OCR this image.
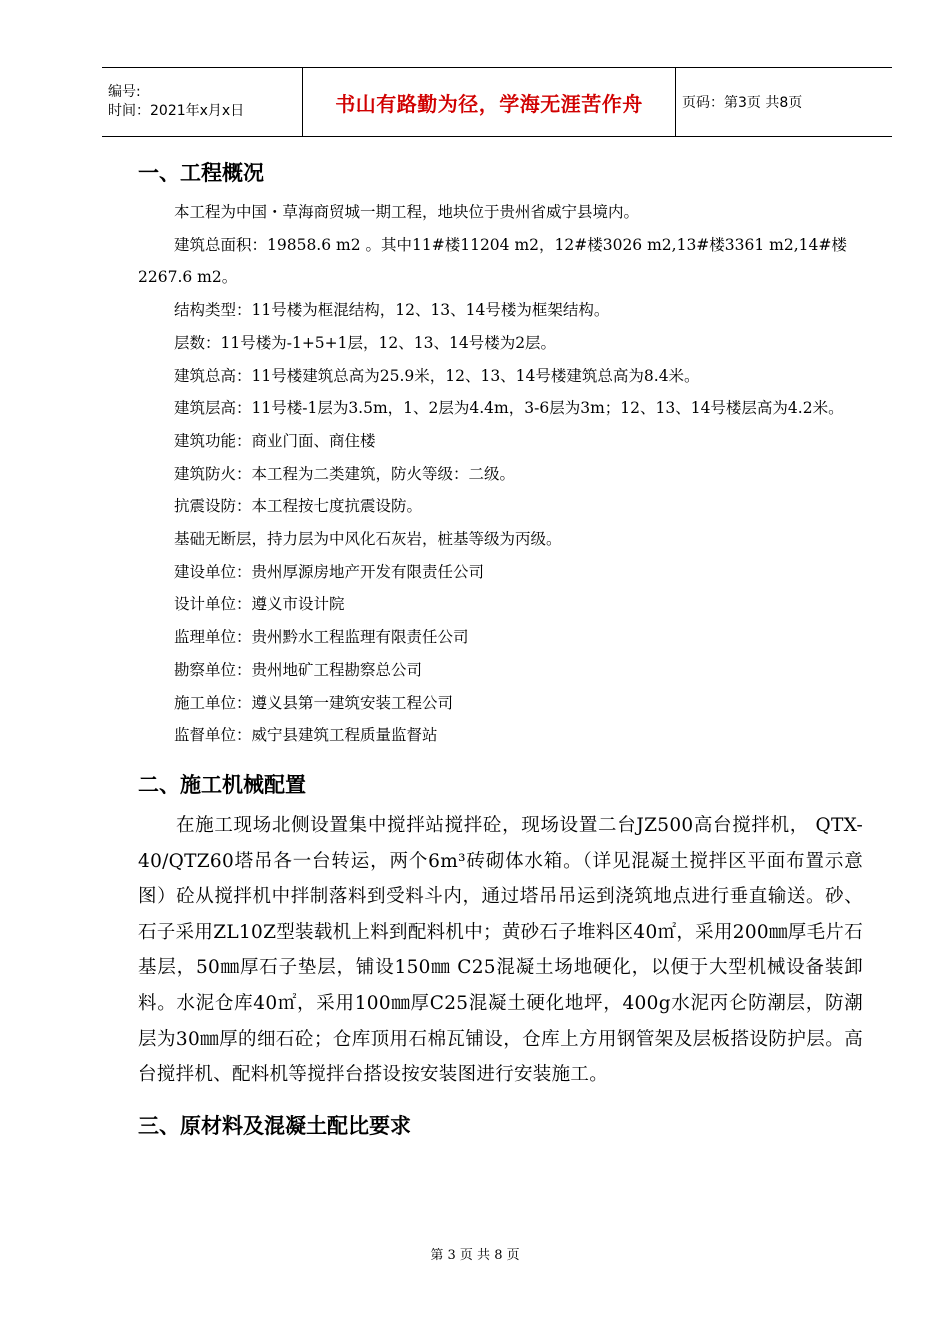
编号:
时间：2021年x月x日	书山有路勤为径，学海无涯苦作舟	页码：第3页 共8页
一、工程概况

本工程为中国・草海商贸城一期工程，地块位于贵州省威宁县境内。

建筑总面积：19858.6 m2 。其中11#楼11204 m2，12#楼3026 m2,13#楼3361 m2,14#楼2267.6 m2。

结构类型：11号楼为框混结构，12、13、14号楼为框架结构。

层数：11号楼为-1+5+1层，12、13、14号楼为2层。

建筑总高：11号楼建筑总高为25.9米，12、13、14号楼建筑总高为8.4米。

建筑层高：11号楼-1层为3.5m，1、2层为4.4m，3-6层为3m；12、13、14号楼层高为4.2米。

建筑功能：商业门面、商住楼

建筑防火：本工程为二类建筑，防火等级：二级。

抗震设防：本工程按七度抗震设防。

基础无断层，持力层为中风化石灰岩，桩基等级为丙级。

建设单位：贵州厚源房地产开发有限责任公司

设计单位：遵义市设计院

监理单位：贵州黔水工程监理有限责任公司

勘察单位：贵州地矿工程勘察总公司

施工单位：遵义县第一建筑安装工程公司

监督单位：威宁县建筑工程质量监督站

二、施工机械配置

在施工现场北侧设置集中搅拌站搅拌砼，现场设置二台JZ500高台搅拌机， QTX-40/QTZ60塔吊各一台转运，两个6m³砖砌体水箱。（详见混凝土搅拌区平面布置示意图）砼从搅拌机中拌制落料到受料斗内，通过塔吊吊运到浇筑地点进行垂直输送。砂、石子采用ZL10Z型装载机上料到配料机中；黄砂石子堆料区40㎡，采用200㎜厚毛片石基层，50㎜厚石子垫层，铺设150㎜ C25混凝土场地硬化，以便于大型机械设备装卸料。水泥仓库40㎡，采用100㎜厚C25混凝土硬化地坪，400g水泥丙仑防潮层，防潮层为30㎜厚的细石砼；仓库顶用石棉瓦铺设，仓库上方用钢管架及层板搭设防护层。高台搅拌机、配料机等搅拌台搭设按安装图进行安装施工。

三、原材料及混凝土配比要求
第 3 页 共 8 页
